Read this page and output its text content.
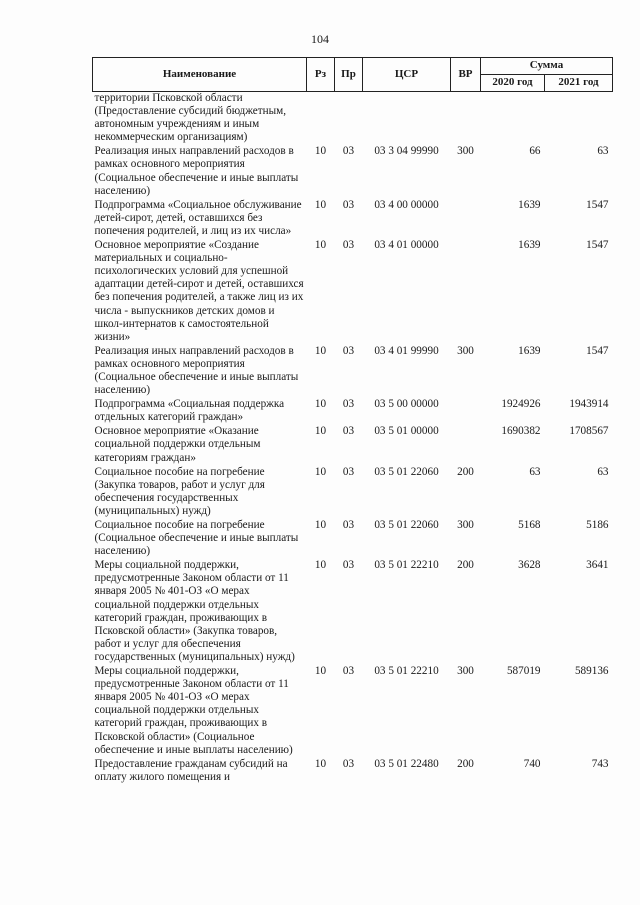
104
Наименование	Рз	Пр	ЦСР	ВР	Сумма	
					2020 год	2021 год
территории Псковской области (Предоставление субсидий бюджетным, автономным учреждениям и иным некоммерческим организациям)						
Реализация иных направлений расходов в рамках основного мероприятия (Социальное обеспечение и иные выплаты населению)	10	03	03 3 04 99990	300	66	63
Подпрограмма «Социальное обслуживание детей-сирот, детей, оставшихся без попечения родителей, и лиц из их числа»	10	03	03 4 00 00000		1639	1547
Основное мероприятие «Создание материальных и социально-психологических условий для успешной адаптации детей-сирот и детей, оставшихся без попечения родителей, а также лиц из их числа - выпускников детских домов и школ-интернатов к самостоятельной жизни»	10	03	03 4 01 00000		1639	1547
Реализация иных направлений расходов в рамках основного мероприятия (Социальное обеспечение и иные выплаты населению)	10	03	03 4 01 99990	300	1639	1547
Подпрограмма «Социальная поддержка отдельных категорий граждан»	10	03	03 5 00 00000		1924926	1943914
Основное мероприятие «Оказание социальной поддержки отдельным категориям граждан»	10	03	03 5 01 00000		1690382	1708567
Социальное пособие на погребение (Закупка товаров, работ и услуг для обеспечения государственных (муниципальных) нужд)	10	03	03 5 01 22060	200	63	63
Социальное пособие на погребение (Социальное обеспечение и иные выплаты населению)	10	03	03 5 01 22060	300	5168	5186
Меры социальной поддержки, предусмотренные Законом области от 11 января 2005 № 401-ОЗ «О мерах социальной поддержки отдельных категорий граждан, проживающих в Псковской области» (Закупка товаров, работ и услуг для обеспечения государственных (муниципальных) нужд)	10	03	03 5 01 22210	200	3628	3641
Меры социальной поддержки, предусмотренные Законом области от 11 января 2005 № 401-ОЗ «О мерах социальной поддержки отдельных категорий граждан, проживающих в Псковской области» (Социальное обеспечение и иные выплаты населению)	10	03	03 5 01 22210	300	587019	589136
Предоставление гражданам субсидий на оплату жилого помещения и	10	03	03 5 01 22480	200	740	743
